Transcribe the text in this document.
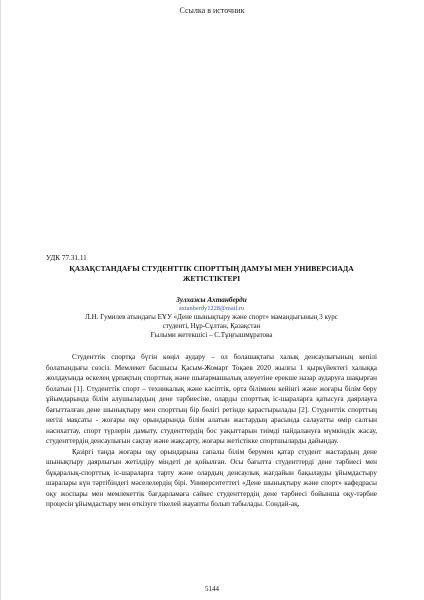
Ссылка в источник
УДК 77.31.11
ҚАЗАҚСТАНДАҒЫ СТУДЕНТТІК СПОРТТЫҢ ДАМУЫ МЕН УНИВЕРСИАДА
ЖЕТІСТІКТЕРІ
Зулхажы Ахтанберди
axtanberdy1228@mail.ru
Л.Н. Гумилев атындағы ЕҰУ «Дене шынықтыру және спорт» мамандығының 3 курс
студенті, Нұр-Сұлтан, Қазақстан
Ғылыми жетекшісі – С.Тұңғышмұратова

Студенттік спортқа бүгін көңіл аудару – ол болашақтағы халық денсаулығының кепілі болатындығы сөзсіз. Мемлекет басшысы Қасым-Жомарт Тоқаев 2020 жылғы 1 қыркүйектегі халыққа жолдауында өскелең ұрпақтың спорттық және шығармашылық әлеуетіне ерекше назар аударуға шақырған болатын [1]. Студенттік спорт – техникалық және кәсіптік, орта білімнен кейінгі және жоғары білім беру ұйымдарында білім алушылардың дене тәрбиесіне, оларды спорттық іс-шараларға қатысуға даярлауға бағытталған дене шынықтыру мен спорттың бір бөлігі ретінде қарастырылады [2]. Студенттік спорттың негізі мақсаты - жоғары оқу орындарында білім алатын жастардың арасында салауатты өмір салтын насихаттау, спорт түрлерін дамыту, студенттердің бос уақыттарын тиімді пайдалануға мүмкіндік жасау, студенттердің денсаулығын сақтау және жақсарту, жоғары жетістікке спортшыларды дайындау.

Қазіргі таңда жоғары оқу орындарына сапалы білім берумен қатар студент жастардың дене шынықтыру даярлығын жетілдіру міндеті де қойылған. Осы бағытта студенттерді дене тәрбиесі мен бұқаралық-спорттық іс-шараларға тарту және олардың денсаулық жағдайын бақылауды ұйымдастыру шаралары күн тәртібіндегі мәселелердің бірі. Университеттегі «Дене шынықтыру және спорт» кафедрасы оқу жоспары мен мемлекеттік бағдарламаға сәйкес студенттердің дене тәрбиесі бойынша оқу-тәрбие процесін ұйымдастыру мен өткізуге тікелей жауапты болып табылады. Сондай-ақ,

5144
